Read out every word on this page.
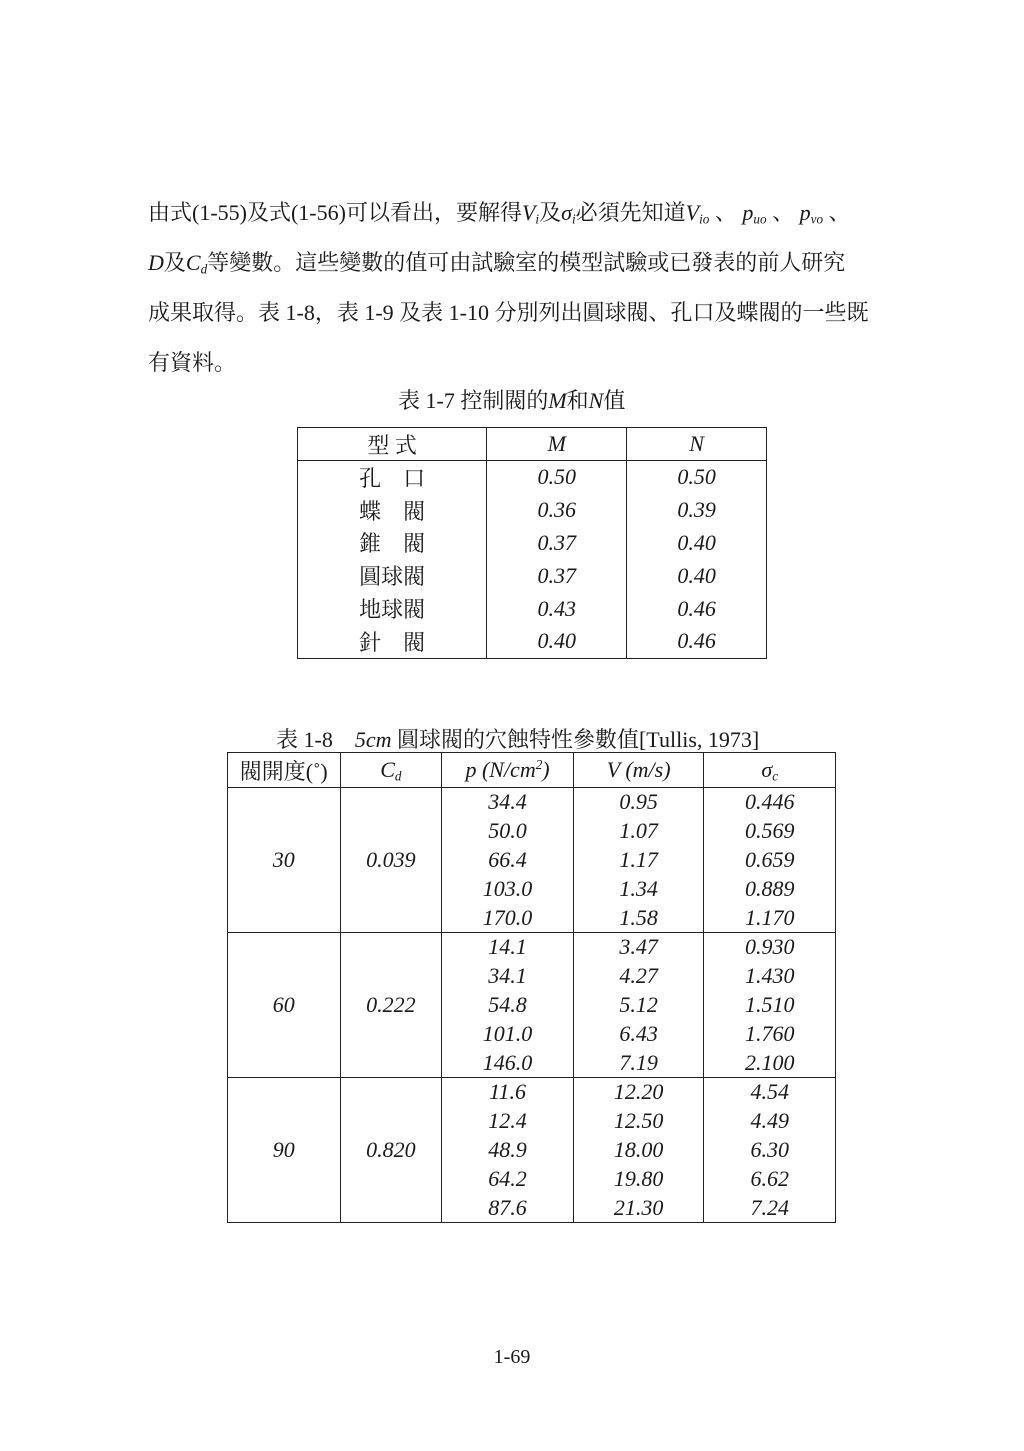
由式(1-55)及式(1-56)可以看出，要解得$V_i$及$\sigma_i$必須先知道$V_{io}$ 、 $p_{uo}$ 、 $p_{vo}$ 、
D及$C_d$等變數。這些變數的值可由試驗室的模型試驗或已發表的前人研究
成果取得。表 1-8，表 1-9 及表 1-10 分別列出圓球閥、孔口及蝶閥的一些既
有資料。
表 1-7 控制閥的M和N值
型 式	M	N
孔　口	0.50	0.50
蝶　閥	0.36	0.39
錐　閥	0.37	0.40
圓球閥	0.37	0.40
地球閥	0.43	0.46
針　閥	0.40	0.46
表 1-8    5cm 圓球閥的穴蝕特性參數值[Tullis, 1973]
閥開度(˚)	$C_d$	p $(N/cm^2)$	V (m/s)	$\sigma_c$
30	0.039	34.4	0.95	0.446
		50.0	1.07	0.569
		66.4	1.17	0.659
		103.0	1.34	0.889
		170.0	1.58	1.170
60	0.222	14.1	3.47	0.930
		34.1	4.27	1.430
		54.8	5.12	1.510
		101.0	6.43	1.760
		146.0	7.19	2.100
90	0.820	11.6	12.20	4.54
		12.4	12.50	4.49
		48.9	18.00	6.30
		64.2	19.80	6.62
		87.6	21.30	7.24
1-69
